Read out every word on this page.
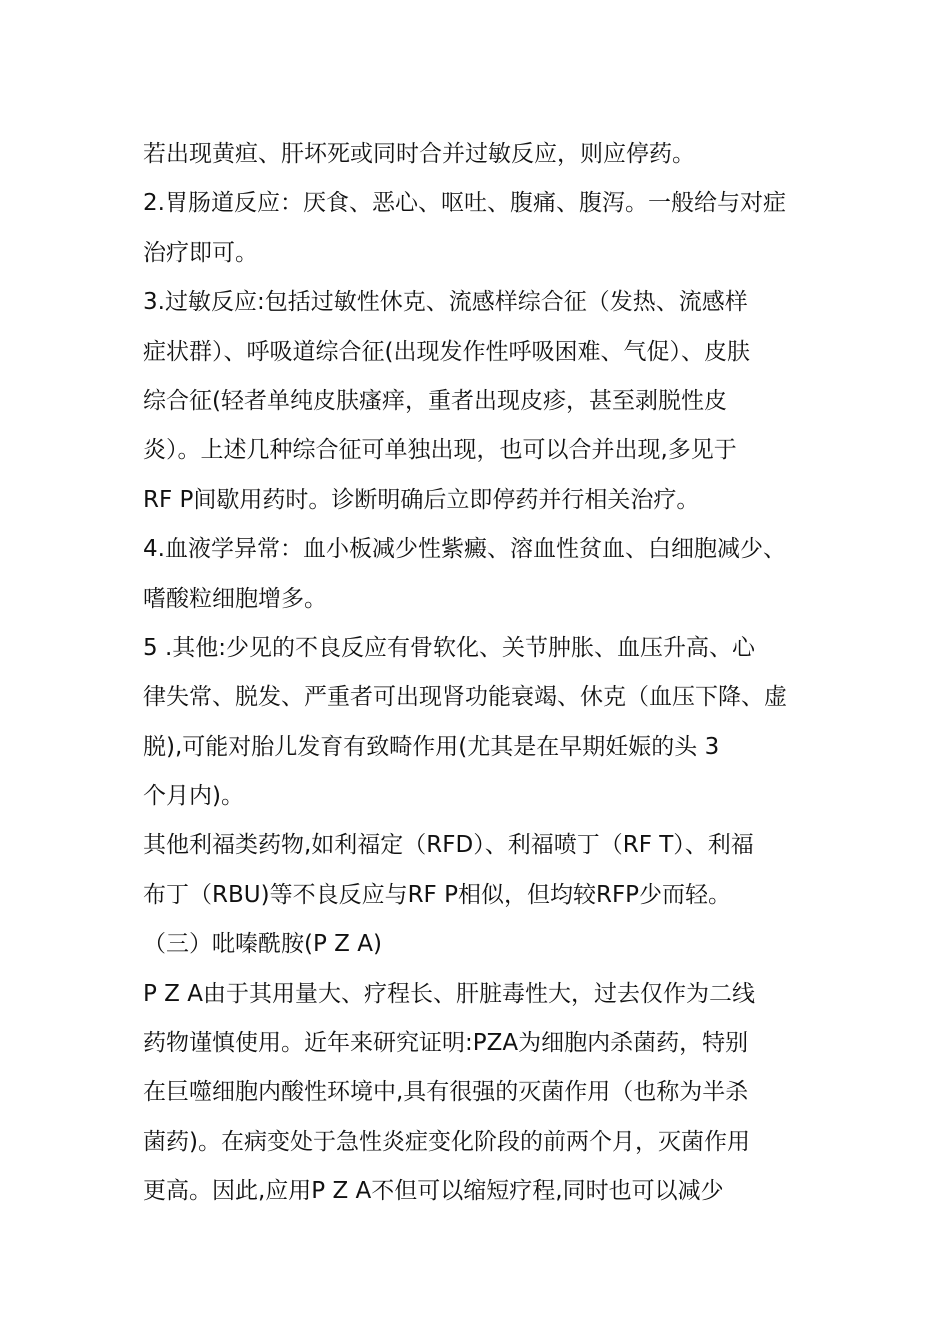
若出现黄疸、肝坏死或同时合并过敏反应，则应停药。
2.胃肠道反应：厌食、恶心、呕吐、腹痛、腹泻。一般给与对症
治疗即可。
3.过敏反应:包括过敏性休克、流感样综合征（发热、流感样
症状群）、呼吸道综合征(出现发作性呼吸困难、气促）、皮肤
综合征(轻者单纯皮肤瘙痒，重者出现皮疹，甚至剥脱性皮
炎）。上述几种综合征可单独出现，也可以合并出现,多见于
RF P间歇用药时。诊断明确后立即停药并行相关治疗。
4.血液学异常：血小板减少性紫癜、溶血性贫血、白细胞减少、
嗜酸粒细胞增多。
5 .其他:少见的不良反应有骨软化、关节肿胀、血压升高、心
律失常、脱发、严重者可出现肾功能衰竭、休克（血压下降、虚
脱),可能对胎儿发育有致畸作用(尤其是在早期妊娠的头 3
个月内)。
其他利福类药物,如利福定（RFD）、利福喷丁（RF T）、利福
布丁（RBU)等不良反应与RF P相似，但均较RFP少而轻。
（三）吡嗪酰胺(P Z A)
P Z A由于其用量大、疗程长、肝脏毒性大，过去仅作为二线
药物谨慎使用。近年来研究证明:PZA为细胞内杀菌药，特别
在巨噬细胞内酸性环境中,具有很强的灭菌作用（也称为半杀
菌药)。在病变处于急性炎症变化阶段的前两个月，灭菌作用
更高。因此,应用P Z A不但可以缩短疗程,同时也可以减少
